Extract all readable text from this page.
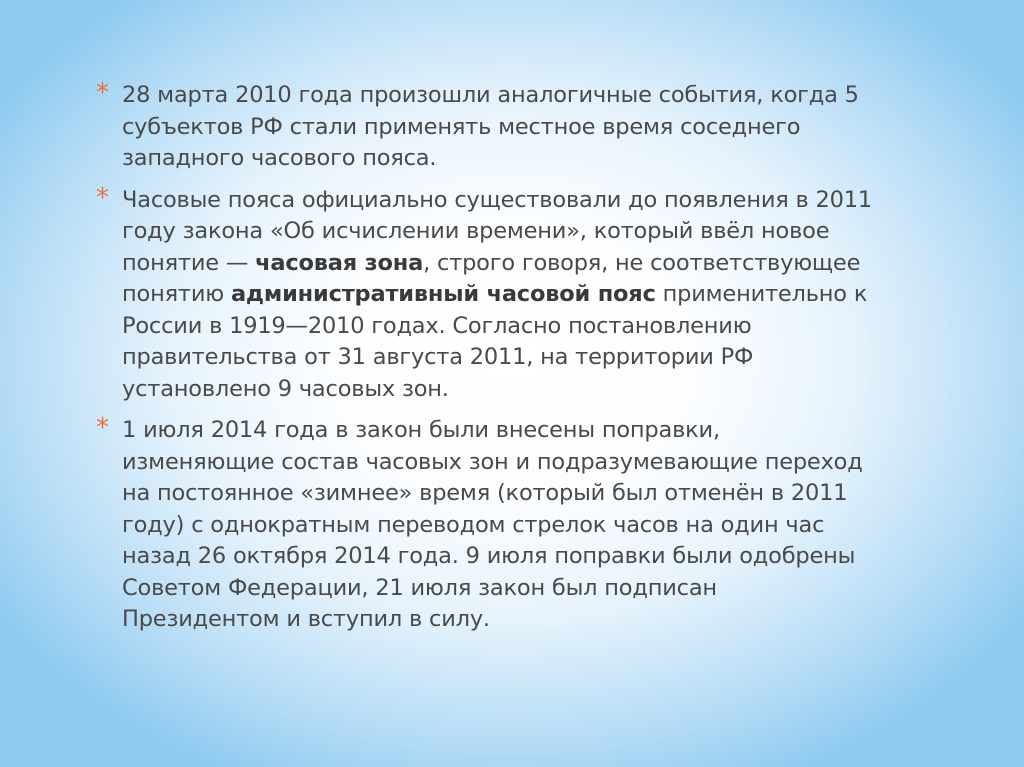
* 28 марта 2010 года произошли аналогичные события, когда 5
субъектов РФ стали применять местное время соседнего
западного часового пояса.
* Часовые пояса официально существовали до появления в 2011
году закона «Об исчислении времени», который ввёл новое
понятие — часовая зона, строго говоря, не соответствующее
понятию административный часовой пояс применительно к
России в 1919—2010 годах. Согласно постановлению
правительства от 31 августа 2011, на территории РФ
установлено 9 часовых зон.
* 1 июля 2014 года в закон были внесены поправки,
изменяющие состав часовых зон и подразумевающие переход
на постоянное «зимнее» время (который был отменён в 2011
году) с однократным переводом стрелок часов на один час
назад 26 октября 2014 года. 9 июля поправки были одобрены
Советом Федерации, 21 июля закон был подписан
Президентом и вступил в силу.
